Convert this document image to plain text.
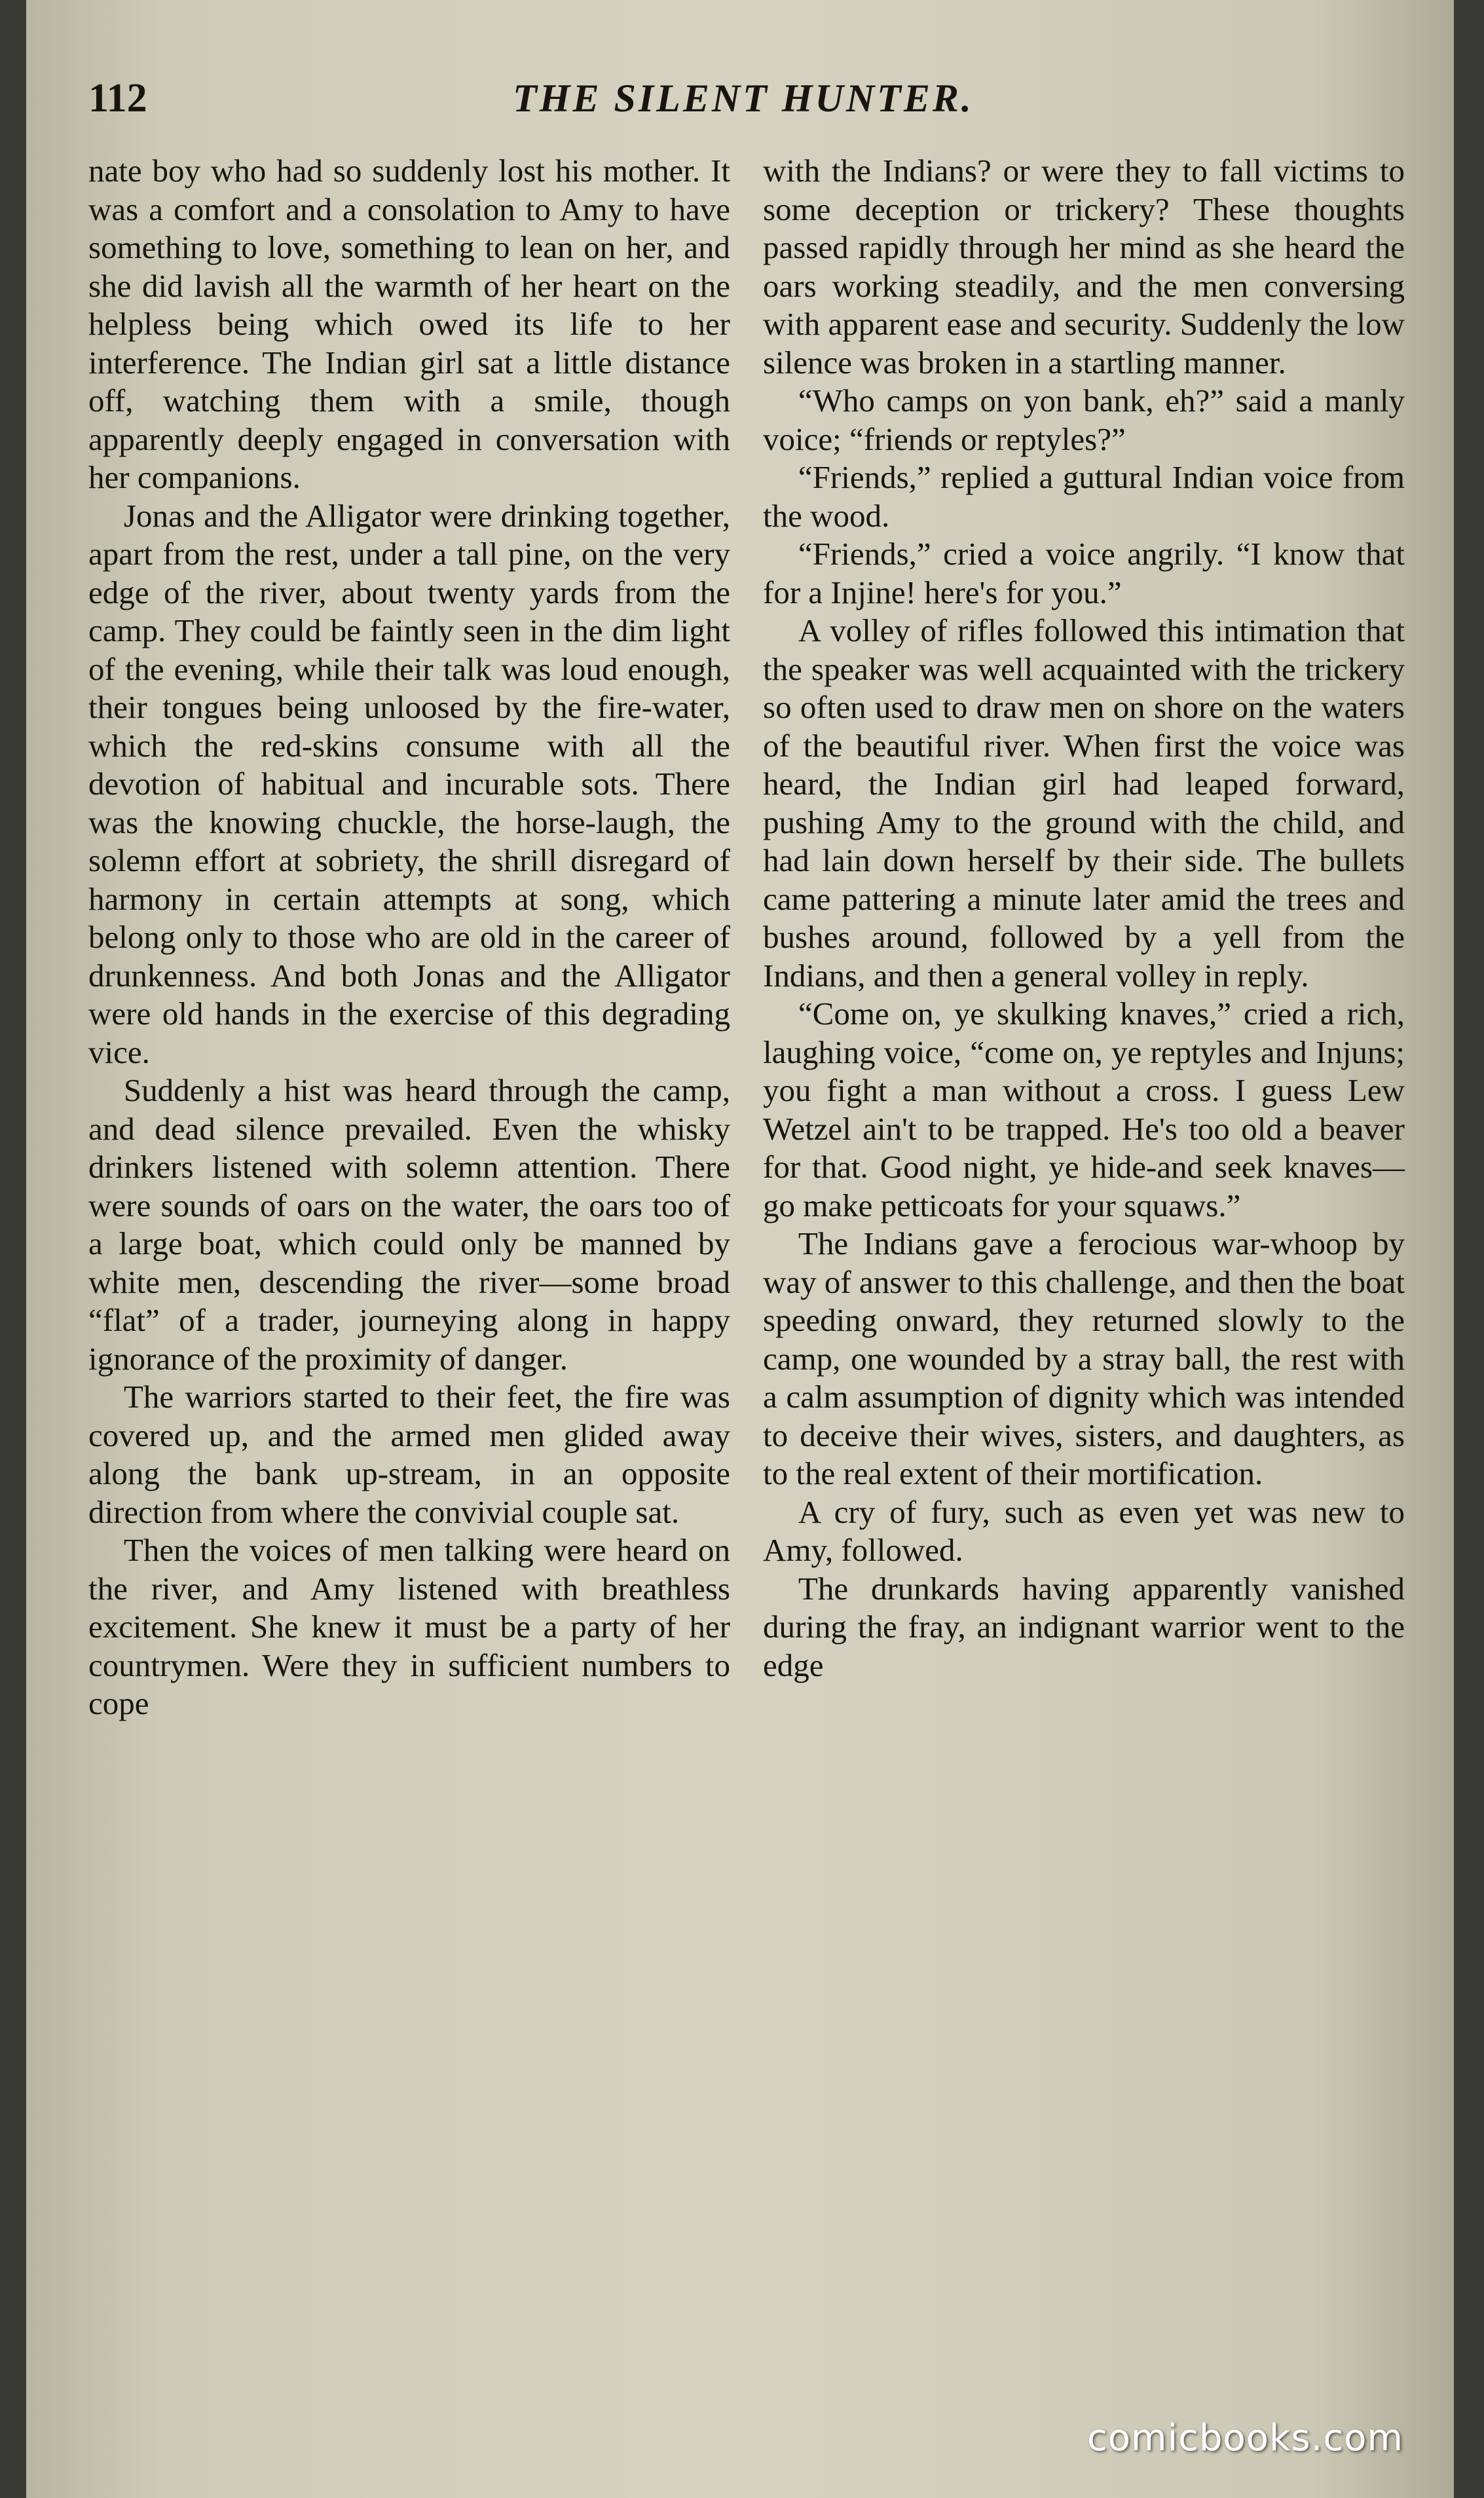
THE SILENT HUNTER.
112

nate boy who had so suddenly lost his mother. It was a comfort and a consolation to Amy to have something to love, something to lean on her, and she did lavish all the warmth of her heart on the helpless being which owed its life to her interference. The Indian girl sat a little distance off, watching them with a smile, though apparently deeply engaged in conversation with her companions.

Jonas and the Alligator were drinking together, apart from the rest, under a tall pine, on the very edge of the river, about twenty yards from the camp. They could be faintly seen in the dim light of the evening, while their talk was loud enough, their tongues being unloosed by the fire-water, which the red-skins consume with all the devotion of habitual and incurable sots. There was the knowing chuckle, the horse-laugh, the solemn effort at sobriety, the shrill disregard of harmony in certain attempts at song, which belong only to those who are old in the career of drunkenness. And both Jonas and the Alligator were old hands in the exercise of this degrading vice.

Suddenly a hist was heard through the camp, and dead silence prevailed. Even the whisky drinkers listened with solemn attention. There were sounds of oars on the water, the oars too of a large boat, which could only be manned by white men, descending the river—some broad “flat” of a trader, journeying along in happy ignorance of the proximity of danger.

The warriors started to their feet, the fire was covered up, and the armed men glided away along the bank up-stream, in an opposite direction from where the convivial couple sat.

Then the voices of men talking were heard on the river, and Amy listened with breathless excitement. She knew it must be a party of her countrymen. Were they in sufficient numbers to cope

with the Indians? or were they to fall victims to some deception or trickery? These thoughts passed rapidly through her mind as she heard the oars working steadily, and the men conversing with apparent ease and security. Suddenly the low silence was broken in a startling manner.

“Who camps on yon bank, eh?” said a manly voice; “friends or reptyles?”

“Friends,” replied a guttural Indian voice from the wood.

“Friends,” cried a voice angrily. “I know that for a Injine! here's for you.”

A volley of rifles followed this intimation that the speaker was well acquainted with the trickery so often used to draw men on shore on the waters of the beautiful river. When first the voice was heard, the Indian girl had leaped forward, pushing Amy to the ground with the child, and had lain down herself by their side. The bullets came pattering a minute later amid the trees and bushes around, followed by a yell from the Indians, and then a general volley in reply.

“Come on, ye skulking knaves,” cried a rich, laughing voice, “come on, ye reptyles and Injuns; you fight a man without a cross. I guess Lew Wetzel ain't to be trapped. He's too old a beaver for that. Good night, ye hide-and seek knaves—go make petticoats for your squaws.”

The Indians gave a ferocious war-whoop by way of answer to this challenge, and then the boat speeding onward, they returned slowly to the camp, one wounded by a stray ball, the rest with a calm assumption of dignity which was intended to deceive their wives, sisters, and daughters, as to the real extent of their mortification.

A cry of fury, such as even yet was new to Amy, followed.

The drunkards having apparently vanished during the fray, an indignant warrior went to the edge

comicbooks.com
